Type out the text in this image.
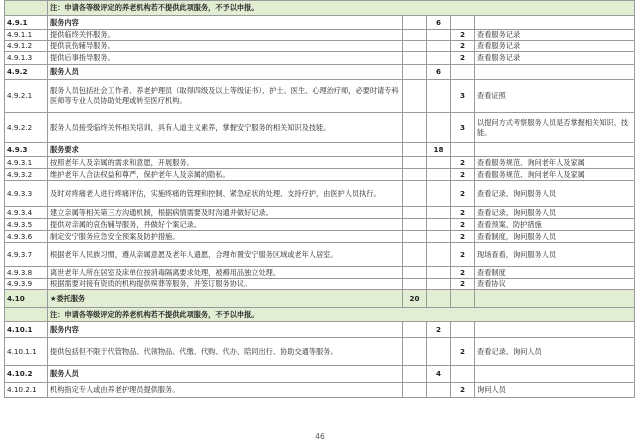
	注：申请各等级评定的养老机构若不提供此项服务，不予以申报。				
4.9.1	服务内容		6		
4.9.1.1	提供临终关怀服务。			2	查看服务记录
4.9.1.2	提供哀伤辅导服务。			2	查看服务记录
4.9.1.3	提供后事指导服务。			2	查看服务记录
4.9.2	服务人员		6		
4.9.2.1	服务人员包括社会工作者、养老护理员（取得四级及以上等级证书）、护士、医生、心理治疗师，必要时请专科医师等专业人员协助处理或转至医疗机构。			3	查看证照
4.9.2.2	服务人员接受临终关怀相关培训，具有人道主义素养，掌握安宁服务的相关知识及技能。			3	以提问方式考察服务人员是否掌握相关知识、技能。
4.9.3	服务要求		18		
4.9.3.1	按照老年人及亲属的需求和意愿，开展服务。			2	查看服务规范、询问老年人及家属
4.9.3.2	维护老年人合法权益和尊严，保护老年人及亲属的隐私。			2	查看服务规范、询问老年人及家属
4.9.3.3	及时对疼痛老人进行疼痛评估，实施疼痛的管理和控制、紧急症状的处理、支持疗护，由医护人员执行。			2	查看记录、询问服务人员
4.9.3.4	建立亲属等相关第三方沟通机制，根据病情需要及时沟通并做好记录。			2	查看记录、询问服务人员
4.9.3.5	提供对亲属的哀伤辅导服务，并做好个案记录。			2	查看预案、防护措施
4.9.3.6	制定安宁服务应急安全预案及防护措施。			2	查看制度，询问服务人员
4.9.3.7	根据老年人民族习惯，遵从亲属意愿及老年人遗愿，合理布置安宁服务区域或老年人居室。			2	现场查看，询问服务人员
4.9.3.8	离世老年人所在居室及床单位按消毒隔离要求处理，被褥用品独立处理。			2	查看制度
4.9.3.9	根据需要对接有资质的机构提供殡葬等服务，并签订服务协议。			2	查看协议
4.10	★委托服务	20			
	注：申请各等级评定的养老机构若不提供此项服务，不予以申报。				
4.10.1	服务内容		2		
4.10.1.1	提供包括但不限于代管物品、代领物品、代缴、代购、代办、陪同出行、协助交通等服务。			2	查看记录、询问人员
4.10.2	服务人员		4		
4.10.2.1	机构指定专人或由养老护理员提供服务。			2	询问人员
46
